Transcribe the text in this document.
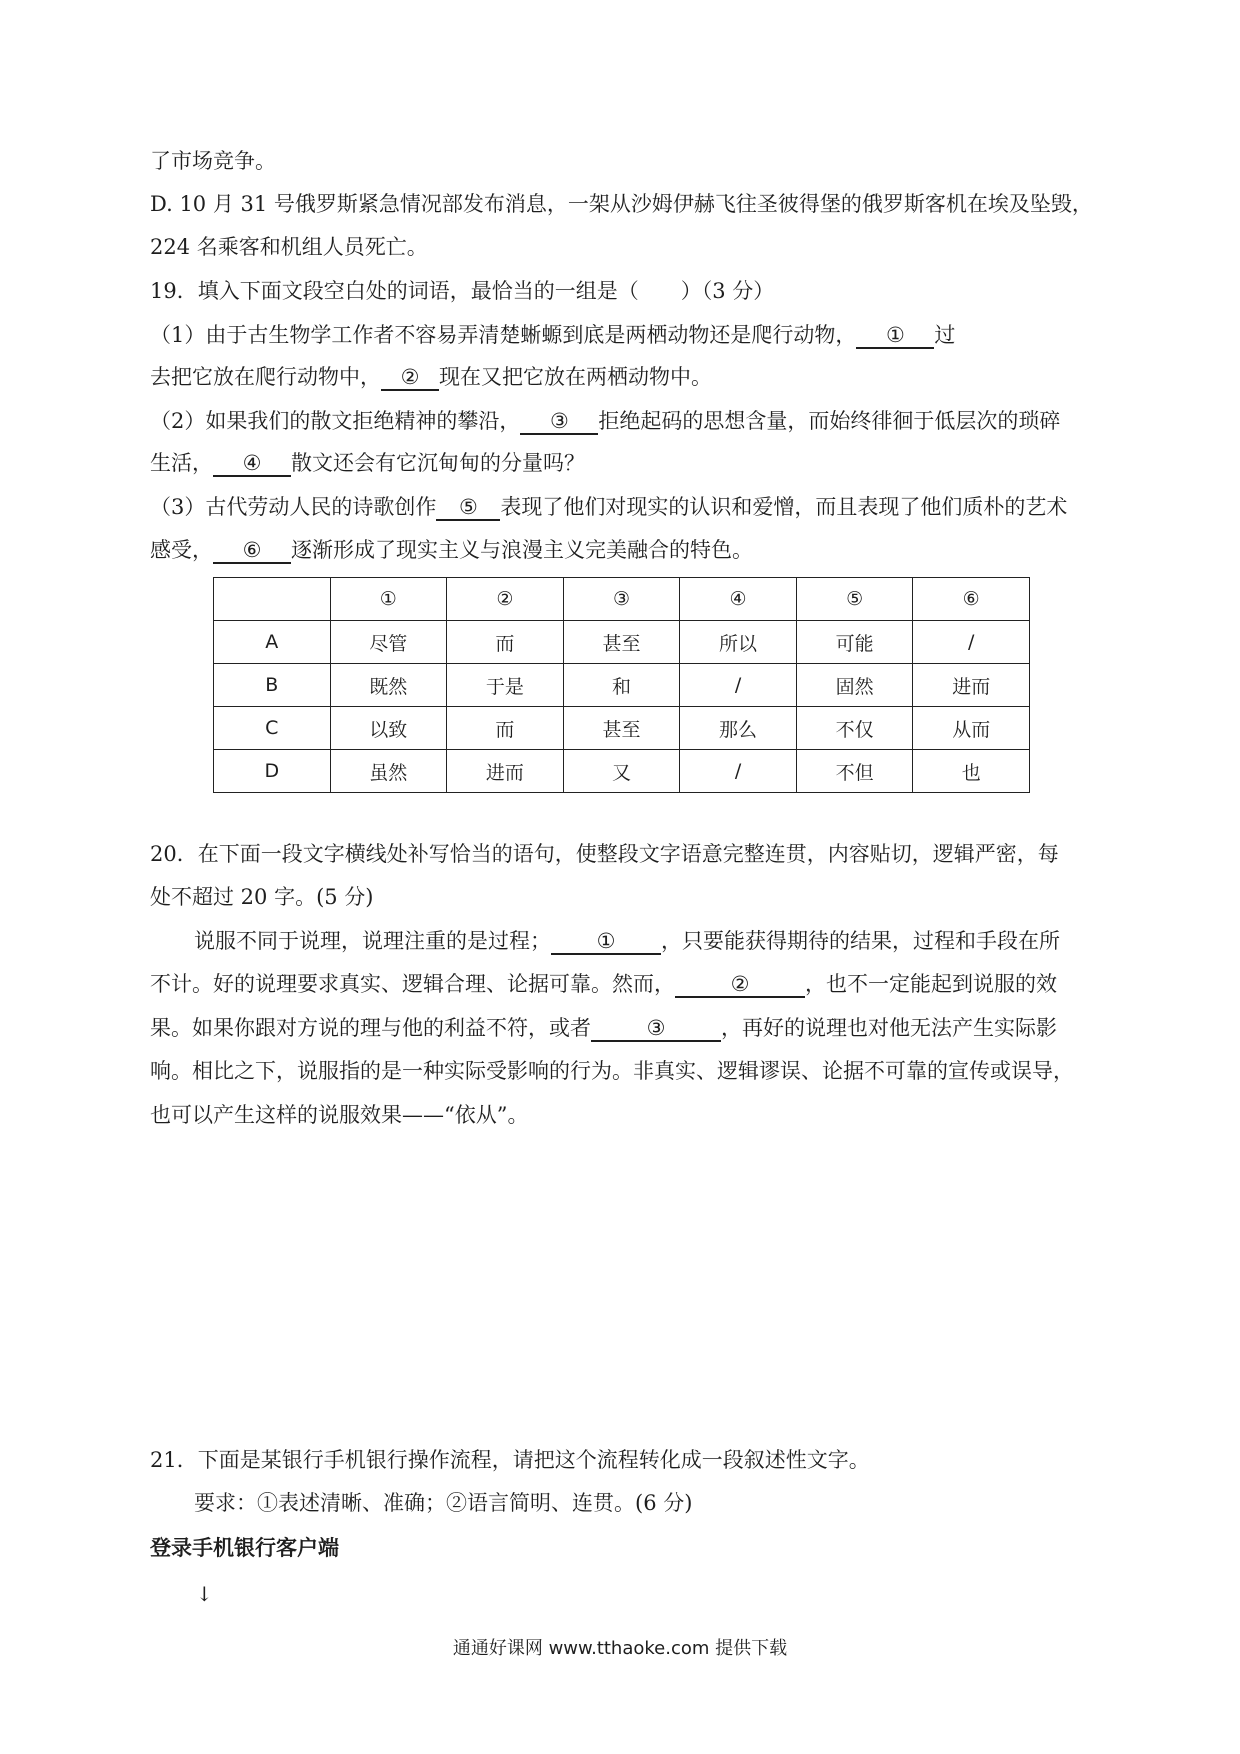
了市场竞争。
D. 10 月 31 号俄罗斯紧急情况部发布消息，一架从沙姆伊赫飞往圣彼得堡的俄罗斯客机在埃及坠毁，
224 名乘客和机组人员死亡。
19．填入下面文段空白处的词语，最恰当的一组是（　　）（3 分）
（1）由于古生物学工作者不容易弄清楚蜥螈到底是两栖动物还是爬行动物， ① 过
去把它放在爬行动物中， ② 现在又把它放在两栖动物中。
（2）如果我们的散文拒绝精神的攀沿， ③ 拒绝起码的思想含量，而始终徘徊于低层次的琐碎
生活， ④ 散文还会有它沉甸甸的分量吗？
（3）古代劳动人民的诗歌创作 ⑤ 表现了他们对现实的认识和爱憎，而且表现了他们质朴的艺术
感受， ⑥ 逐渐形成了现实主义与浪漫主义完美融合的特色。
	①	②	③	④	⑤	⑥
A	尽管	而	甚至	所以	可能	/
B	既然	于是	和	/	固然	进而
C	以致	而	甚至	那么	不仅	从而
D	虽然	进而	又	/	不但	也
20．在下面一段文字横线处补写恰当的语句，使整段文字语意完整连贯，内容贴切，逻辑严密，每
处不超过 20 字。(5 分)
说服不同于说理，说理注重的是过程； ① ，只要能获得期待的结果，过程和手段在所
不计。好的说理要求真实、逻辑合理、论据可靠。然而，	②	，也不一定能起到说服的效
果。如果你跟对方说的理与他的利益不符，或者	③	，再好的说理也对他无法产生实际影
响。相比之下，说服指的是一种实际受影响的行为。非真实、逻辑谬误、论据不可靠的宣传或误导，
也可以产生这样的说服效果——“依从”。
21．下面是某银行手机银行操作流程，请把这个流程转化成一段叙述性文字。
要求：①表述清晰、准确；②语言简明、连贯。(6 分)
登录手机银行客户端
↓
通通好课网 www.tthaoke.com 提供下载
